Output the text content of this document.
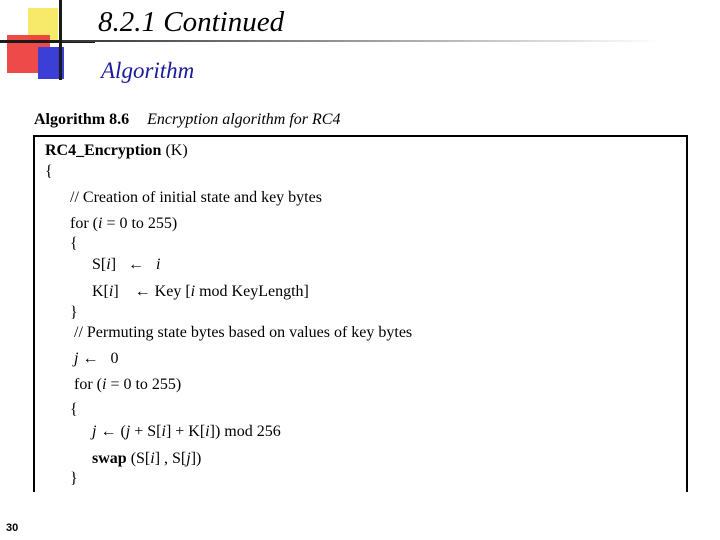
8.2.1 Continued
Algorithm
Algorithm 8.6 Encryption algorithm for RC4
RC4_Encryption (K)
{
// Creation of initial state and key bytes
for (i = 0 to 255)
{
S[i]   ←   i
K[i]    ← Key [i mod KeyLength]
}
// Permuting state bytes based on values of key bytes
j ←   0
for (i = 0 to 255)
{
j ← (j + S[i] + K[i]) mod 256
swap (S[i] , S[j])
}
30
